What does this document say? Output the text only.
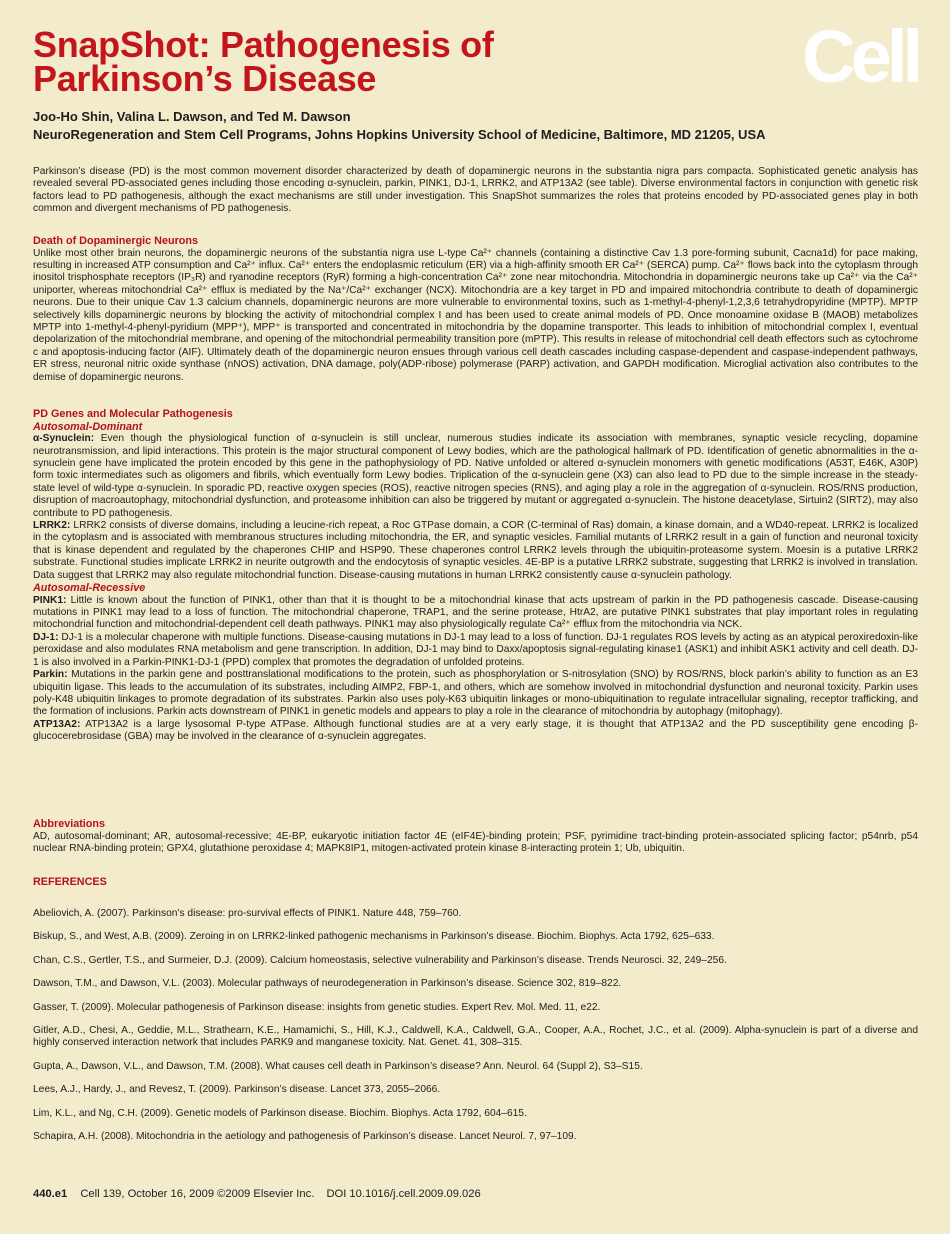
SnapShot: Pathogenesis of
Parkinson’s Disease	Cell
Joo-Ho Shin, Valina L. Dawson, and Ted M. Dawson
NeuroRegeneration and Stem Cell Programs, Johns Hopkins University School of Medicine, Baltimore, MD 21205, USA

Parkinson’s disease (PD) is the most common movement disorder characterized by death of dopaminergic neurons in the substantia nigra pars compacta. Sophisticated genetic analysis has revealed several PD-associated genes including those encoding α-synuclein, parkin, PINK1, DJ-1, LRRK2, and ATP13A2 (see table). Diverse environmental factors in conjunction with genetic risk factors lead to PD pathogenesis, although the exact mechanisms are still under investigation. This SnapShot summarizes the roles that proteins encoded by PD-associated genes play in both common and divergent mechanisms of PD pathogenesis.

Death of Dopaminergic Neurons

Unlike most other brain neurons, the dopaminergic neurons of the substantia nigra use L-type Ca²⁺ channels (containing a distinctive Cav 1.3 pore-forming subunit, Cacna1d) for pace making, resulting in increased ATP consumption and Ca²⁺ influx. Ca²⁺ enters the endoplasmic reticulum (ER) via a high-affinity smooth ER Ca²⁺ (SERCA) pump. Ca²⁺ flows back into the cytoplasm through inositol trisphosphate receptors (IP₃R) and ryanodine receptors (RyR) forming a high-concentration Ca²⁺ zone near mitochondria. Mitochondria in dopaminergic neurons take up Ca²⁺ via the Ca²⁺ uniporter, whereas mitochondrial Ca²⁺ efflux is mediated by the Na⁺/Ca²⁺ exchanger (NCX). Mitochondria are a key target in PD and impaired mitochondria contribute to death of dopaminergic neurons. Due to their unique Cav 1.3 calcium channels, dopaminergic neurons are more vulnerable to environmental toxins, such as 1-methyl-4-phenyl-1,2,3,6 tetrahydropyridine (MPTP). MPTP selectively kills dopaminergic neurons by blocking the activity of mitochondrial complex I and has been used to create animal models of PD. Once monoamine oxidase B (MAOB) metabolizes MPTP into 1-methyl-4-phenyl-pyridium (MPP⁺), MPP⁺ is transported and concentrated in mitochondria by the dopamine transporter. This leads to inhibition of mitochondrial complex I, eventual depolarization of the mitochondrial membrane, and opening of the mitochondrial permeability transition pore (mPTP). This results in release of mitochondrial cell death effectors such as cytochrome c and apoptosis-inducing factor (AIF). Ultimately death of the dopaminergic neuron ensues through various cell death cascades including caspase-dependent and caspase-independent pathways, ER stress, neuronal nitric oxide synthase (nNOS) activation, DNA damage, poly(ADP-ribose) polymerase (PARP) activation, and GAPDH modification. Microglial activation also contributes to the demise of dopaminergic neurons.

PD Genes and Molecular Pathogenesis
Autosomal-Dominant

α-Synuclein: Even though the physiological function of α-synuclein is still unclear, numerous studies indicate its association with membranes, synaptic vesicle recycling, dopamine neurotransmission, and lipid interactions. This protein is the major structural component of Lewy bodies, which are the pathological hallmark of PD. Identification of genetic abnormalities in the α-synuclein gene have implicated the protein encoded by this gene in the pathophysiology of PD. Native unfolded or altered α-synuclein monomers with genetic modifications (A53T, E46K, A30P) form toxic intermediates such as oligomers and fibrils, which eventually form Lewy bodies. Triplication of the α-synuclein gene (X3) can also lead to PD due to the simple increase in the steady-state level of wild-type α-synuclein. In sporadic PD, reactive oxygen species (ROS), reactive nitrogen species (RNS), and aging play a role in the aggregation of α-synuclein. ROS/RNS production, disruption of macroautophagy, mitochondrial dysfunction, and proteasome inhibition can also be triggered by mutant or aggregated α-synuclein. The histone deacetylase, Sirtuin2 (SIRT2), may also contribute to PD pathogenesis.

LRRK2: LRRK2 consists of diverse domains, including a leucine-rich repeat, a Roc GTPase domain, a COR (C-terminal of Ras) domain, a kinase domain, and a WD40-repeat. LRRK2 is localized in the cytoplasm and is associated with membranous structures including mitochondria, the ER, and synaptic vesicles. Familial mutants of LRRK2 result in a gain of function and neuronal toxicity that is kinase dependent and regulated by the chaperones CHIP and HSP90. These chaperones control LRRK2 levels through the ubiquitin-proteasome system. Moesin is a putative LRRK2 substrate. Functional studies implicate LRRK2 in neurite outgrowth and the endocytosis of synaptic vesicles. 4E-BP is a putative LRRK2 substrate, suggesting that LRRK2 is involved in translation. Data suggest that LRRK2 may also regulate mitochondrial function. Disease-causing mutations in human LRRK2 consistently cause α-synuclein pathology.

Autosomal-Recessive

PINK1: Little is known about the function of PINK1, other than that it is thought to be a mitochondrial kinase that acts upstream of parkin in the PD pathogenesis cascade. Disease-causing mutations in PINK1 may lead to a loss of function. The mitochondrial chaperone, TRAP1, and the serine protease, HtrA2, are putative PINK1 substrates that play important roles in regulating mitochondrial function and mitochondrial-dependent cell death pathways. PINK1 may also physiologically regulate Ca²⁺ efflux from the mitochondria via NCK.

DJ-1: DJ-1 is a molecular chaperone with multiple functions. Disease-causing mutations in DJ-1 may lead to a loss of function. DJ-1 regulates ROS levels by acting as an atypical peroxiredoxin-like peroxidase and also modulates RNA metabolism and gene transcription. In addition, DJ-1 may bind to Daxx/apoptosis signal-regulating kinase1 (ASK1) and inhibit ASK1 activity and cell death. DJ-1 is also involved in a Parkin-PINK1-DJ-1 (PPD) complex that promotes the degradation of unfolded proteins.

Parkin: Mutations in the parkin gene and posttranslational modifications to the protein, such as phosphorylation or S-nitrosylation (SNO) by ROS/RNS, block parkin’s ability to function as an E3 ubiquitin ligase. This leads to the accumulation of its substrates, including AIMP2, FBP-1, and others, which are somehow involved in mitochondrial dysfunction and neuronal toxicity. Parkin uses poly-K48 ubiquitin linkages to promote degradation of its substrates. Parkin also uses poly-K63 ubiquitin linkages or mono-ubiquitination to regulate intracellular signaling, receptor trafficking, and the formation of inclusions. Parkin acts downstream of PINK1 in genetic models and appears to play a role in the clearance of mitochondria by autophagy (mitophagy).

ATP13A2: ATP13A2 is a large lysosomal P-type ATPase. Although functional studies are at a very early stage, it is thought that ATP13A2 and the PD susceptibility gene encoding β-glucocerebrosidase (GBA) may be involved in the clearance of α-synuclein aggregates.

Abbreviations

AD, autosomal-dominant; AR, autosomal-recessive; 4E-BP, eukaryotic initiation factor 4E (eIF4E)-binding protein; PSF, pyrimidine tract-binding protein-associated splicing factor; p54nrb, p54 nuclear RNA-binding protein; GPX4, glutathione peroxidase 4; MAPK8IP1, mitogen-activated protein kinase 8-interacting protein 1; Ub, ubiquitin.

REFERENCES
Abeliovich, A. (2007). Parkinson’s disease: pro-survival effects of PINK1. Nature 448, 759–760.
Biskup, S., and West, A.B. (2009). Zeroing in on LRRK2-linked pathogenic mechanisms in Parkinson’s disease. Biochim. Biophys. Acta 1792, 625–633.
Chan, C.S., Gertler, T.S., and Surmeier, D.J. (2009). Calcium homeostasis, selective vulnerability and Parkinson’s disease. Trends Neurosci. 32, 249–256.
Dawson, T.M., and Dawson, V.L. (2003). Molecular pathways of neurodegeneration in Parkinson’s disease. Science 302, 819–822.
Gasser, T. (2009). Molecular pathogenesis of Parkinson disease: insights from genetic studies. Expert Rev. Mol. Med. 11, e22.
Gitler, A.D., Chesi, A., Geddie, M.L., Strathearn, K.E., Hamamichi, S., Hill, K.J., Caldwell, K.A., Caldwell, G.A., Cooper, A.A., Rochet, J.C., et al. (2009). Alpha-synuclein is part of a diverse and highly conserved interaction network that includes PARK9 and manganese toxicity. Nat. Genet. 41, 308–315.
Gupta, A., Dawson, V.L., and Dawson, T.M. (2008). What causes cell death in Parkinson’s disease? Ann. Neurol. 64 (Suppl 2), S3–S15.
Lees, A.J., Hardy, J., and Revesz, T. (2009). Parkinson’s disease. Lancet 373, 2055–2066.
Lim, K.L., and Ng, C.H. (2009). Genetic models of Parkinson disease. Biochim. Biophys. Acta 1792, 604–615.
Schapira, A.H. (2008). Mitochondria in the aetiology and pathogenesis of Parkinson’s disease. Lancet Neurol. 7, 97–109.
440.e1 Cell 139, October 16, 2009 ©2009 Elsevier Inc. DOI 10.1016/j.cell.2009.09.026
